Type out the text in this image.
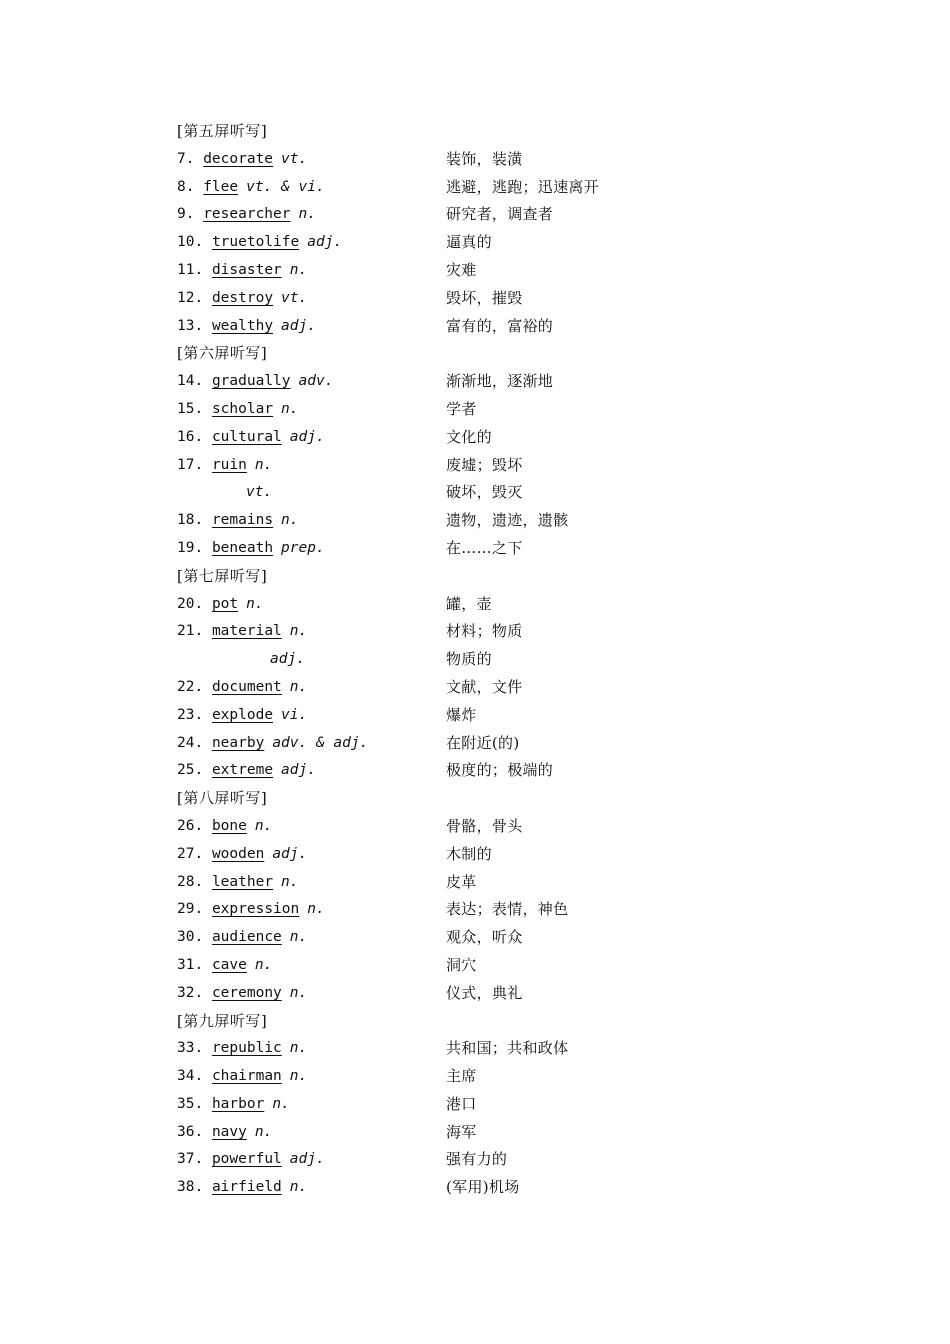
[第五屏听写]
7. decorate vt.	装饰，装潢
8. flee vt. & vi.	逃避，逃跑；迅速离开
9. researcher n.	研究者，调查者
10. truetolife adj.	逼真的
11. disaster n.	灾难
12. destroy vt.	毁坏，摧毁
13. wealthy adj.	富有的，富裕的
[第六屏听写]
14. gradually adv.	渐渐地，逐渐地
15. scholar n.	学者
16. cultural adj.	文化的
17. ruin n.	废墟；毁坏
vt.	破坏，毁灭
18. remains n.	遗物，遗迹，遗骸
19. beneath prep.	在……之下
[第七屏听写]
20. pot n.	罐，壶
21. material n.	材料；物质
adj.	物质的
22. document n.	文献，文件
23. explode vi.	爆炸
24. nearby adv. & adj.	在附近(的)
25. extreme adj.	极度的；极端的
[第八屏听写]
26. bone n.	骨骼，骨头
27. wooden adj.	木制的
28. leather n.	皮革
29. expression n.	表达；表情，神色
30. audience n.	观众，听众
31. cave n.	洞穴
32. ceremony n.	仪式，典礼
[第九屏听写]
33. republic n.	共和国；共和政体
34. chairman n.	主席
35. harbor n.	港口
36. navy n.	海军
37. powerful adj.	强有力的
38. airfield n.	(军用)机场
